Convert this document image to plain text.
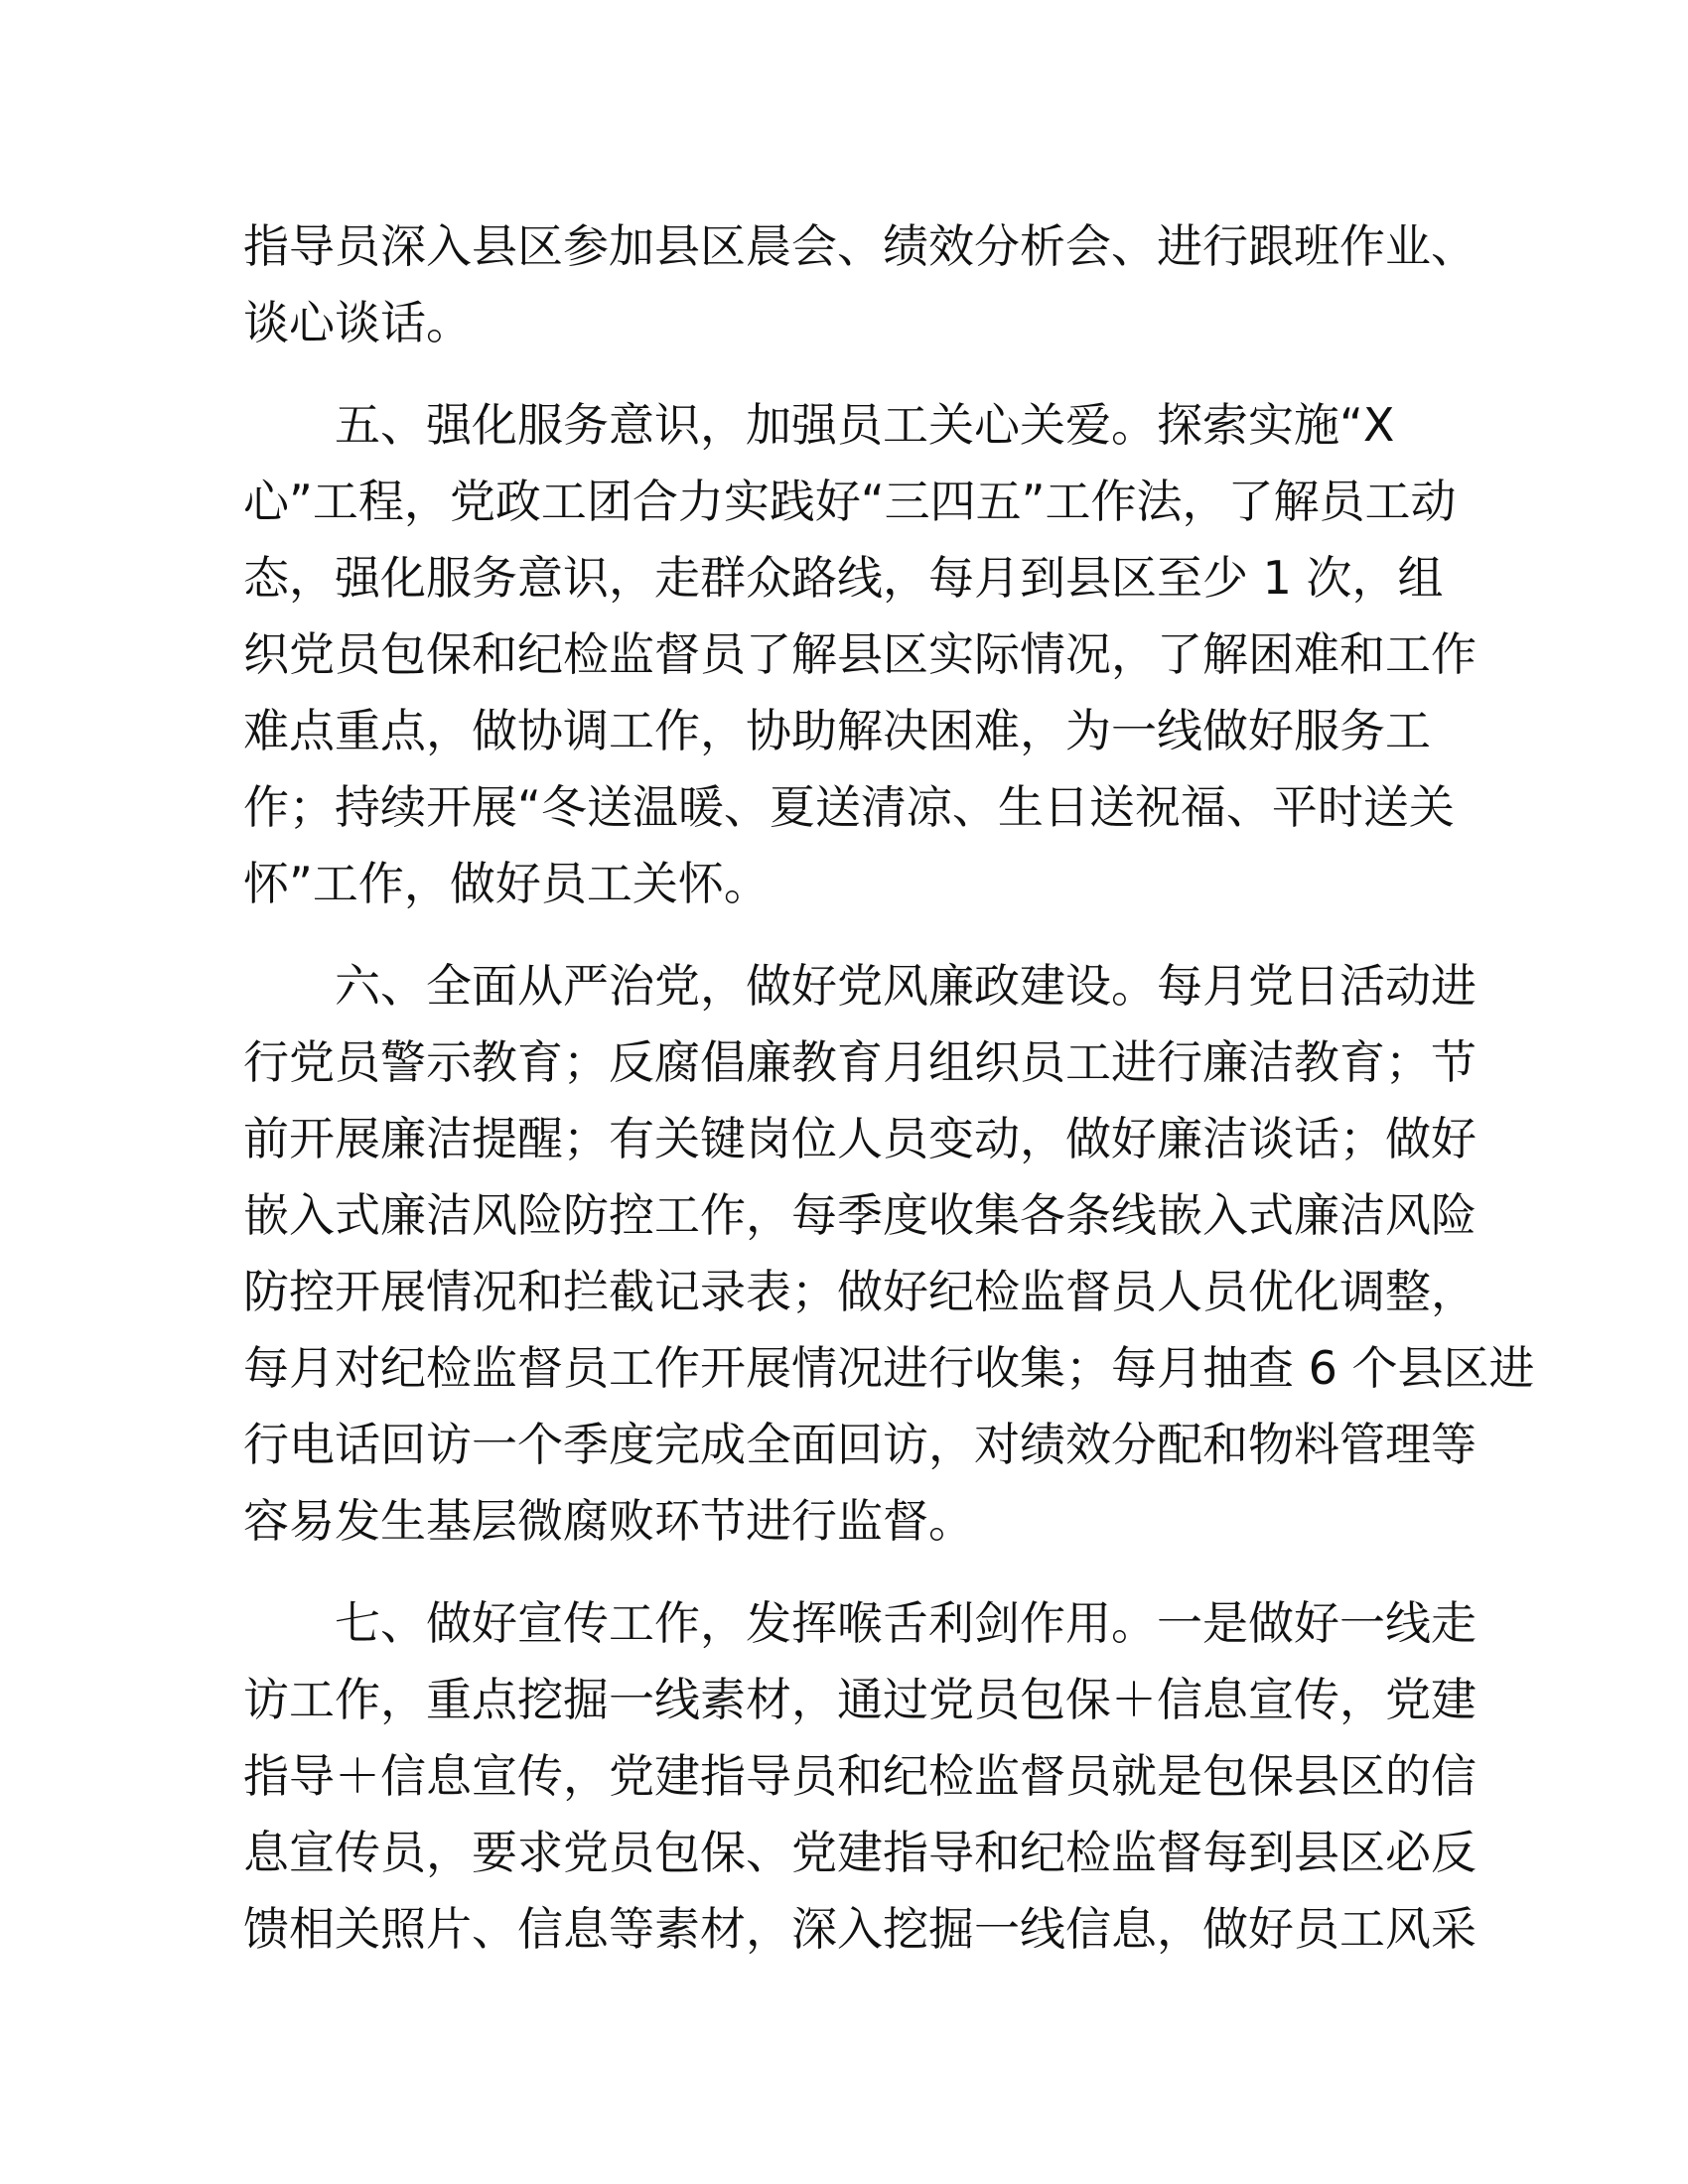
指导员深入县区参加县区晨会、绩效分析会、进行跟班作业、
谈心谈话。
五、强化服务意识，加强员工关心关爱。探索实施“X
心”工程，党政工团合力实践好“三四五”工作法，了解员工动
态，强化服务意识，走群众路线，每月到县区至少 1 次，组
织党员包保和纪检监督员了解县区实际情况，了解困难和工作
难点重点，做协调工作，协助解决困难，为一线做好服务工
作；持续开展“冬送温暖、夏送清凉、生日送祝福、平时送关
怀”工作，做好员工关怀。
六、全面从严治党，做好党风廉政建设。每月党日活动进
行党员警示教育；反腐倡廉教育月组织员工进行廉洁教育；节
前开展廉洁提醒；有关键岗位人员变动，做好廉洁谈话；做好
嵌入式廉洁风险防控工作，每季度收集各条线嵌入式廉洁风险
防控开展情况和拦截记录表；做好纪检监督员人员优化调整，
每月对纪检监督员工作开展情况进行收集；每月抽查 6 个县区进
行电话回访一个季度完成全面回访，对绩效分配和物料管理等
容易发生基层微腐败环节进行监督。
七、做好宣传工作，发挥喉舌利剑作用。一是做好一线走
访工作，重点挖掘一线素材，通过党员包保＋信息宣传，党建
指导＋信息宣传，党建指导员和纪检监督员就是包保县区的信
息宣传员，要求党员包保、党建指导和纪检监督每到县区必反
馈相关照片、信息等素材，深入挖掘一线信息，做好员工风采
